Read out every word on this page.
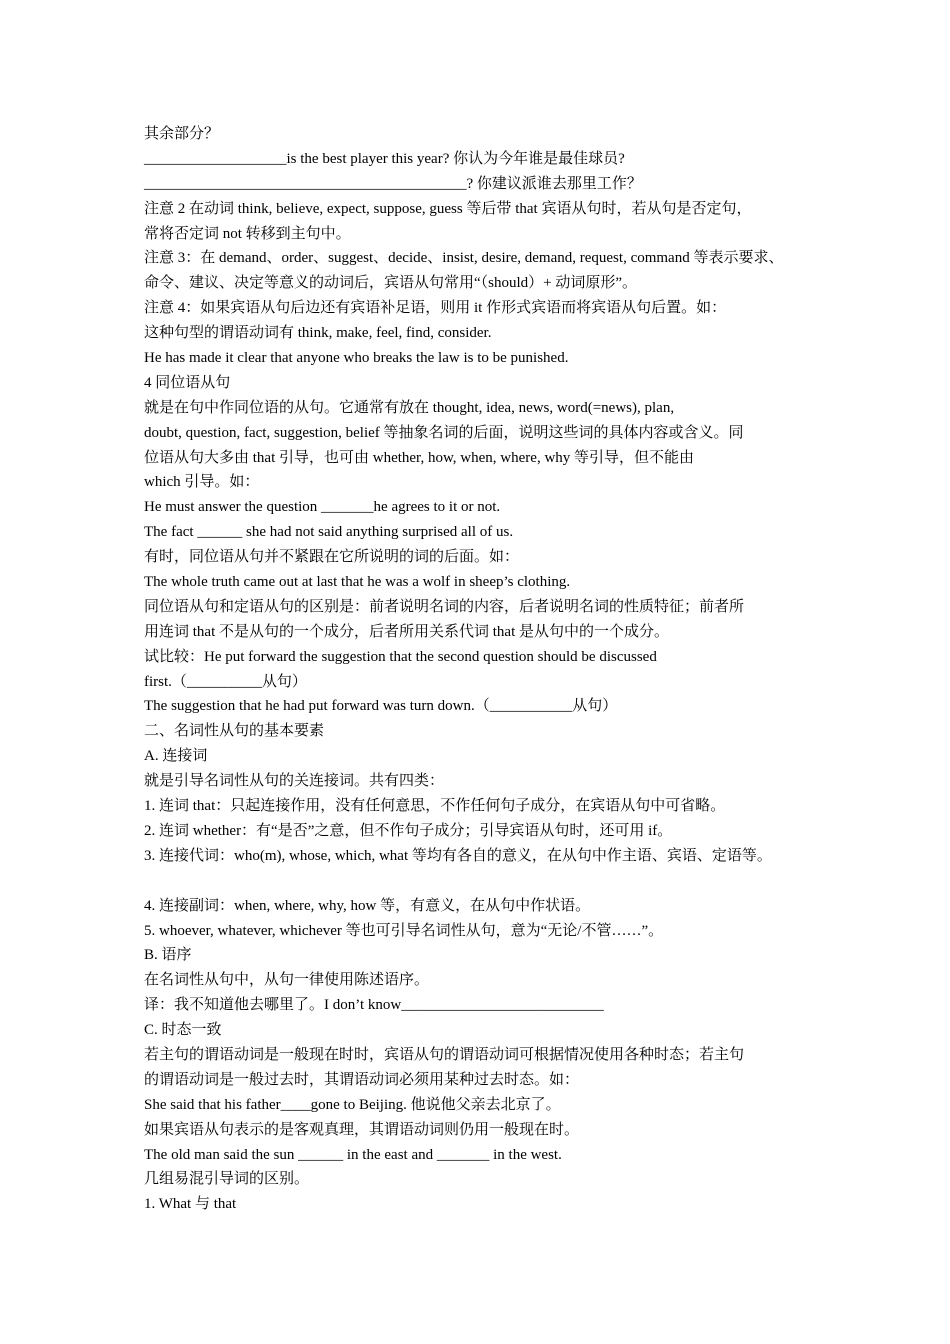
其余部分？
___________________is the best player this year? 你认为今年谁是最佳球员?
___________________________________________? 你建议派谁去那里工作？
注意 2 在动词 think, believe, expect, suppose, guess 等后带 that 宾语从句时，若从句是否定句，
常将否定词 not 转移到主句中。
注意 3：在 demand、order、suggest、decide、insist, desire, demand, request, command 等表示要求、
命令、建议、决定等意义的动词后，宾语从句常用“（should）+ 动词原形”。
注意 4：如果宾语从句后边还有宾语补足语，则用 it 作形式宾语而将宾语从句后置。如：
这种句型的谓语动词有 think, make, feel, find, consider.
He has made it clear that anyone who breaks the law is to be punished.
4 同位语从句
就是在句中作同位语的从句。它通常有放在 thought, idea, news, word(=news), plan,
doubt, question, fact, suggestion, belief 等抽象名词的后面，说明这些词的具体内容或含义。同
位语从句大多由 that 引导，也可由 whether, how, when, where, why 等引导，但不能由
which 引导。如：
He must answer the question _______he agrees to it or not.
The fact ______ she had not said anything surprised all of us.
有时，同位语从句并不紧跟在它所说明的词的后面。如：
The whole truth came out at last that he was a wolf in sheep’s clothing.
同位语从句和定语从句的区别是：前者说明名词的内容，后者说明名词的性质特征；前者所
用连词 that 不是从句的一个成分，后者所用关系代词 that 是从句中的一个成分。
试比较：He put forward the suggestion that the second question should be discussed
first.（__________从句）
The suggestion that he had put forward was turn down.（___________从句）
二、名词性从句的基本要素
A. 连接词
就是引导名词性从句的关连接词。共有四类：
1. 连词 that：只起连接作用，没有任何意思，不作任何句子成分，在宾语从句中可省略。
2. 连词 whether：有“是否”之意，但不作句子成分；引导宾语从句时，还可用 if。
3. 连接代词：who(m), whose, which, what 等均有各自的意义，在从句中作主语、宾语、定语等。
4. 连接副词：when, where, why, how 等，有意义，在从句中作状语。
5. whoever, whatever, whichever 等也可引导名词性从句，意为“无论/不管……”。
B. 语序
在名词性从句中，从句一律使用陈述语序。
译：我不知道他去哪里了。I don’t know___________________________
C. 时态一致
若主句的谓语动词是一般现在时时，宾语从句的谓语动词可根据情况使用各种时态；若主句
的谓语动词是一般过去时，其谓语动词必须用某种过去时态。如：
She said that his father____gone to Beijing. 他说他父亲去北京了。
如果宾语从句表示的是客观真理，其谓语动词则仍用一般现在时。
The old man said the sun ______ in the east and _______ in the west.
几组易混引导词的区别。
1. What 与 that
